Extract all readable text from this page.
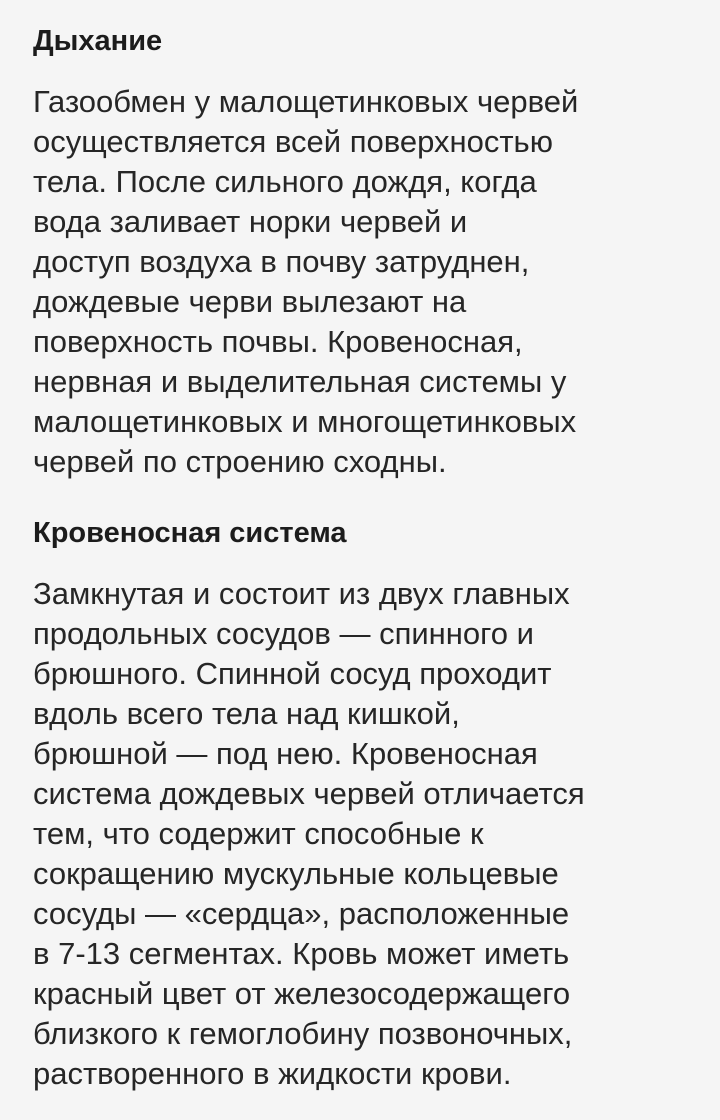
Дыхание
Газообмен у малощетинковых червей
осуществляется всей поверхностью
тела. После сильного дождя, когда
вода заливает норки червей и
доступ воздуха в почву затруднен,
дождевые черви вылезают на
поверхность почвы. Кровеносная,
нервная и выделительная системы у
малощетинковых и многощетинковых
червей по строению сходны.
Кровеносная система
Замкнутая и состоит из двух главных
продольных сосудов — спинного и
брюшного. Спинной сосуд проходит
вдоль всего тела над кишкой,
брюшной — под нею. Кровеносная
система дождевых червей отличается
тем, что содержит способные к
сокращению мускульные кольцевые
сосуды — «сердца», расположенные
в 7-13 сегментах. Кровь может иметь
красный цвет от железосодержащего
близкого к гемоглобину позвоночных,
растворенного в жидкости крови.
